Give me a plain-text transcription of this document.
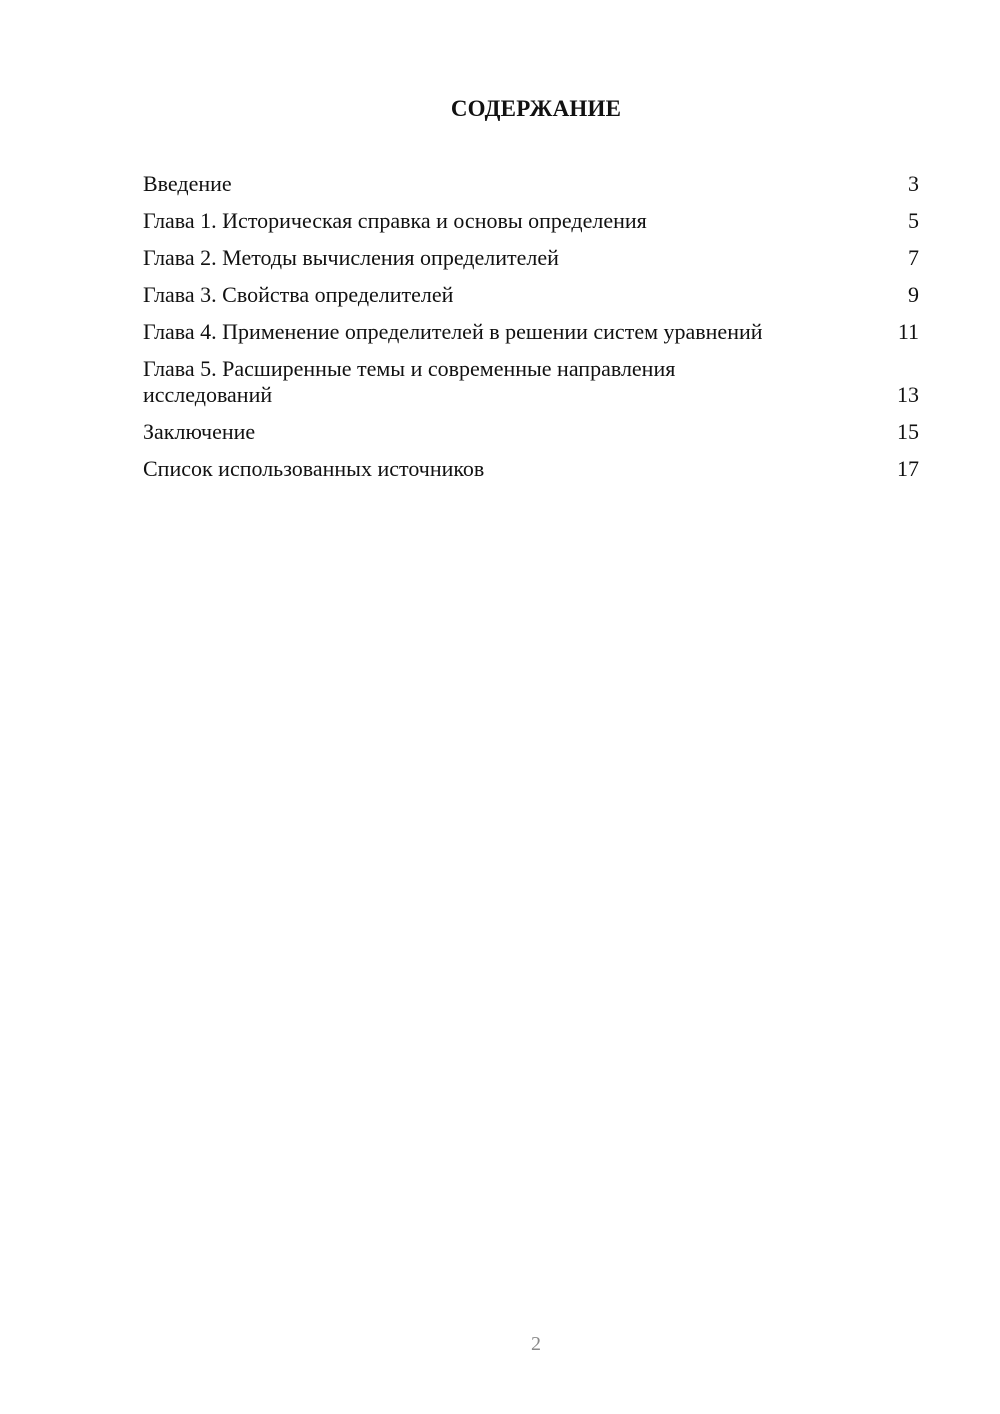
СОДЕРЖАНИЕ
Введение	3
Глава 1. Историческая справка и основы определения	5
Глава 2. Методы вычисления определителей	7
Глава 3. Свойства определителей	9
Глава 4. Применение определителей в решении систем уравнений	11
Глава 5. Расширенные темы и современные направления исследований	13
Заключение	15
Список использованных источников	17
2
